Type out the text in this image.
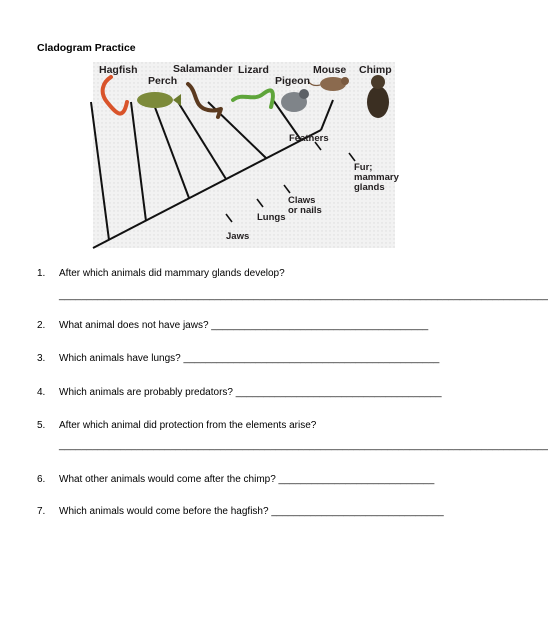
Cladogram Practice
Hagfish
Perch
Salamander Lizard
Pigeon
Mouse Chimp
Jaws
Lungs
Claws
or nails
Feathers
Fur;
mammary
glands
1. After which animals did mammary glands develop?
________________________________________________________________________________________
2. What animal does not have jaws? _______________________________________
3. Which animals have lungs? ______________________________________________
4. Which animals are probably predators? _____________________________________
5. After which animal did protection from the elements arise?
________________________________________________________________________________________
6. What other animals would come after the chimp? ____________________________
7. Which animals would come before the hagfish? _______________________________
